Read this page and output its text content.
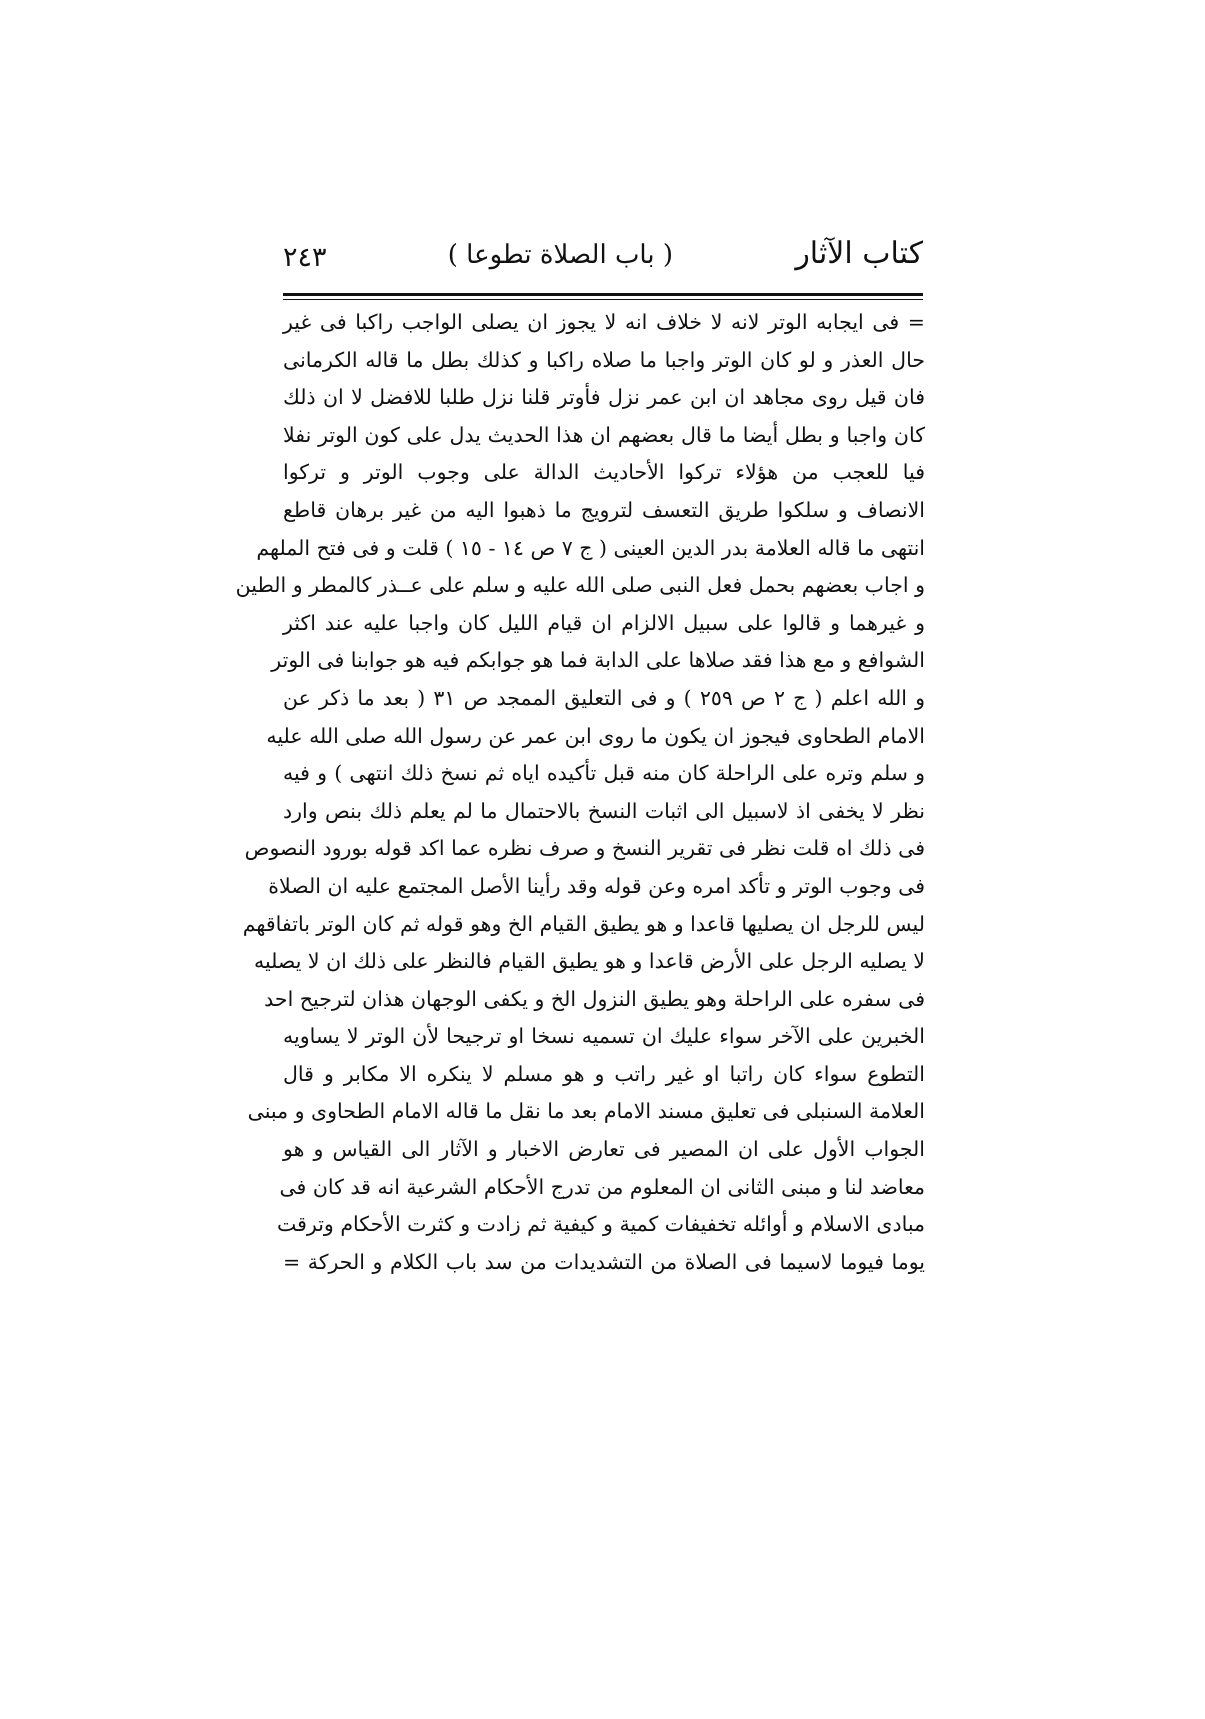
كتاب الآثار
( باب الصلاة تطوعا )
٢٤٣
= فى ايجابه الوتر لانه لا خلاف انه لا يجوز ان يصلى الواجب راكبا فى غير
حال العذر و لو كان الوتر واجبا ما صلاه راكبا و كذلك بطل ما قاله الكرمانى
فان قيل روى مجاهد ان ابن عمر نزل فأوتر قلنا نزل طلبا للافضل لا ان ذلك
كان واجبا و بطل أيضا ما قال بعضهم ان هذا الحديث يدل على كون الوتر نفلا
فيا للعجب من هؤلاء تركوا الأحاديث الدالة على وجوب الوتر و تركوا
الانصاف و سلكوا طريق التعسف لترويج ما ذهبوا اليه من غير برهان قاطع
انتهى ما قاله العلامة بدر الدين العينى ( ج ٧ ص ١٤ - ١٥ ) قلت و فى فتح الملهم
و اجاب بعضهم بحمل فعل النبى صلى الله عليه و سلم على عــذر كالمطر و الطين
و غيرهما و قالوا على سبيل الالزام ان قيام الليل كان واجبا عليه عند اكثر
الشوافع و مع هذا فقد صلاها على الدابة فما هو جوابكم فيه هو جوابنا فى الوتر
و الله اعلم ( ج ٢ ص ٢٥٩ ) و فى التعليق الممجد ص ٣١ ( بعد ما ذكر عن
الامام الطحاوى فيجوز ان يكون ما روى ابن عمر عن رسول الله صلى الله عليه
و سلم وتره على الراحلة كان منه قبل تأكيده اياه ثم نسخ ذلك انتهى ) و فيه
نظر لا يخفى اذ لاسبيل الى اثبات النسخ بالاحتمال ما لم يعلم ذلك بنص وارد
فى ذلك اه قلت نظر فى تقرير النسخ و صرف نظره عما اكد قوله بورود النصوص
فى وجوب الوتر و تأكد امره وعن قوله وقد رأينا الأصل المجتمع عليه ان الصلاة
ليس للرجل ان يصليها قاعدا و هو يطيق القيام الخ وهو قوله ثم كان الوتر باتفاقهم
لا يصليه الرجل على الأرض قاعدا و هو يطيق القيام فالنظر على ذلك ان لا يصليه
فى سفره على الراحلة وهو يطيق النزول الخ و يكفى الوجهان هذان لترجيح احد
الخبرين على الآخر سواء عليك ان تسميه نسخا او ترجيحا لأن الوتر لا يساويه
التطوع سواء كان راتبا او غير راتب و هو مسلم لا ينكره الا مكابر و قال
العلامة السنبلى فى تعليق مسند الامام بعد ما نقل ما قاله الامام الطحاوى و مبنى
الجواب الأول على ان المصير فى تعارض الاخبار و الآثار الى القياس و هو
معاضد لنا و مبنى الثانى ان المعلوم من تدرج الأحكام الشرعية انه قد كان فى
مبادى الاسلام و أوائله تخفيفات كمية و كيفية ثم زادت و كثرت الأحكام وترقت
يوما فيوما لاسيما فى الصلاة من التشديدات من سد باب الكلام و الحركة =
